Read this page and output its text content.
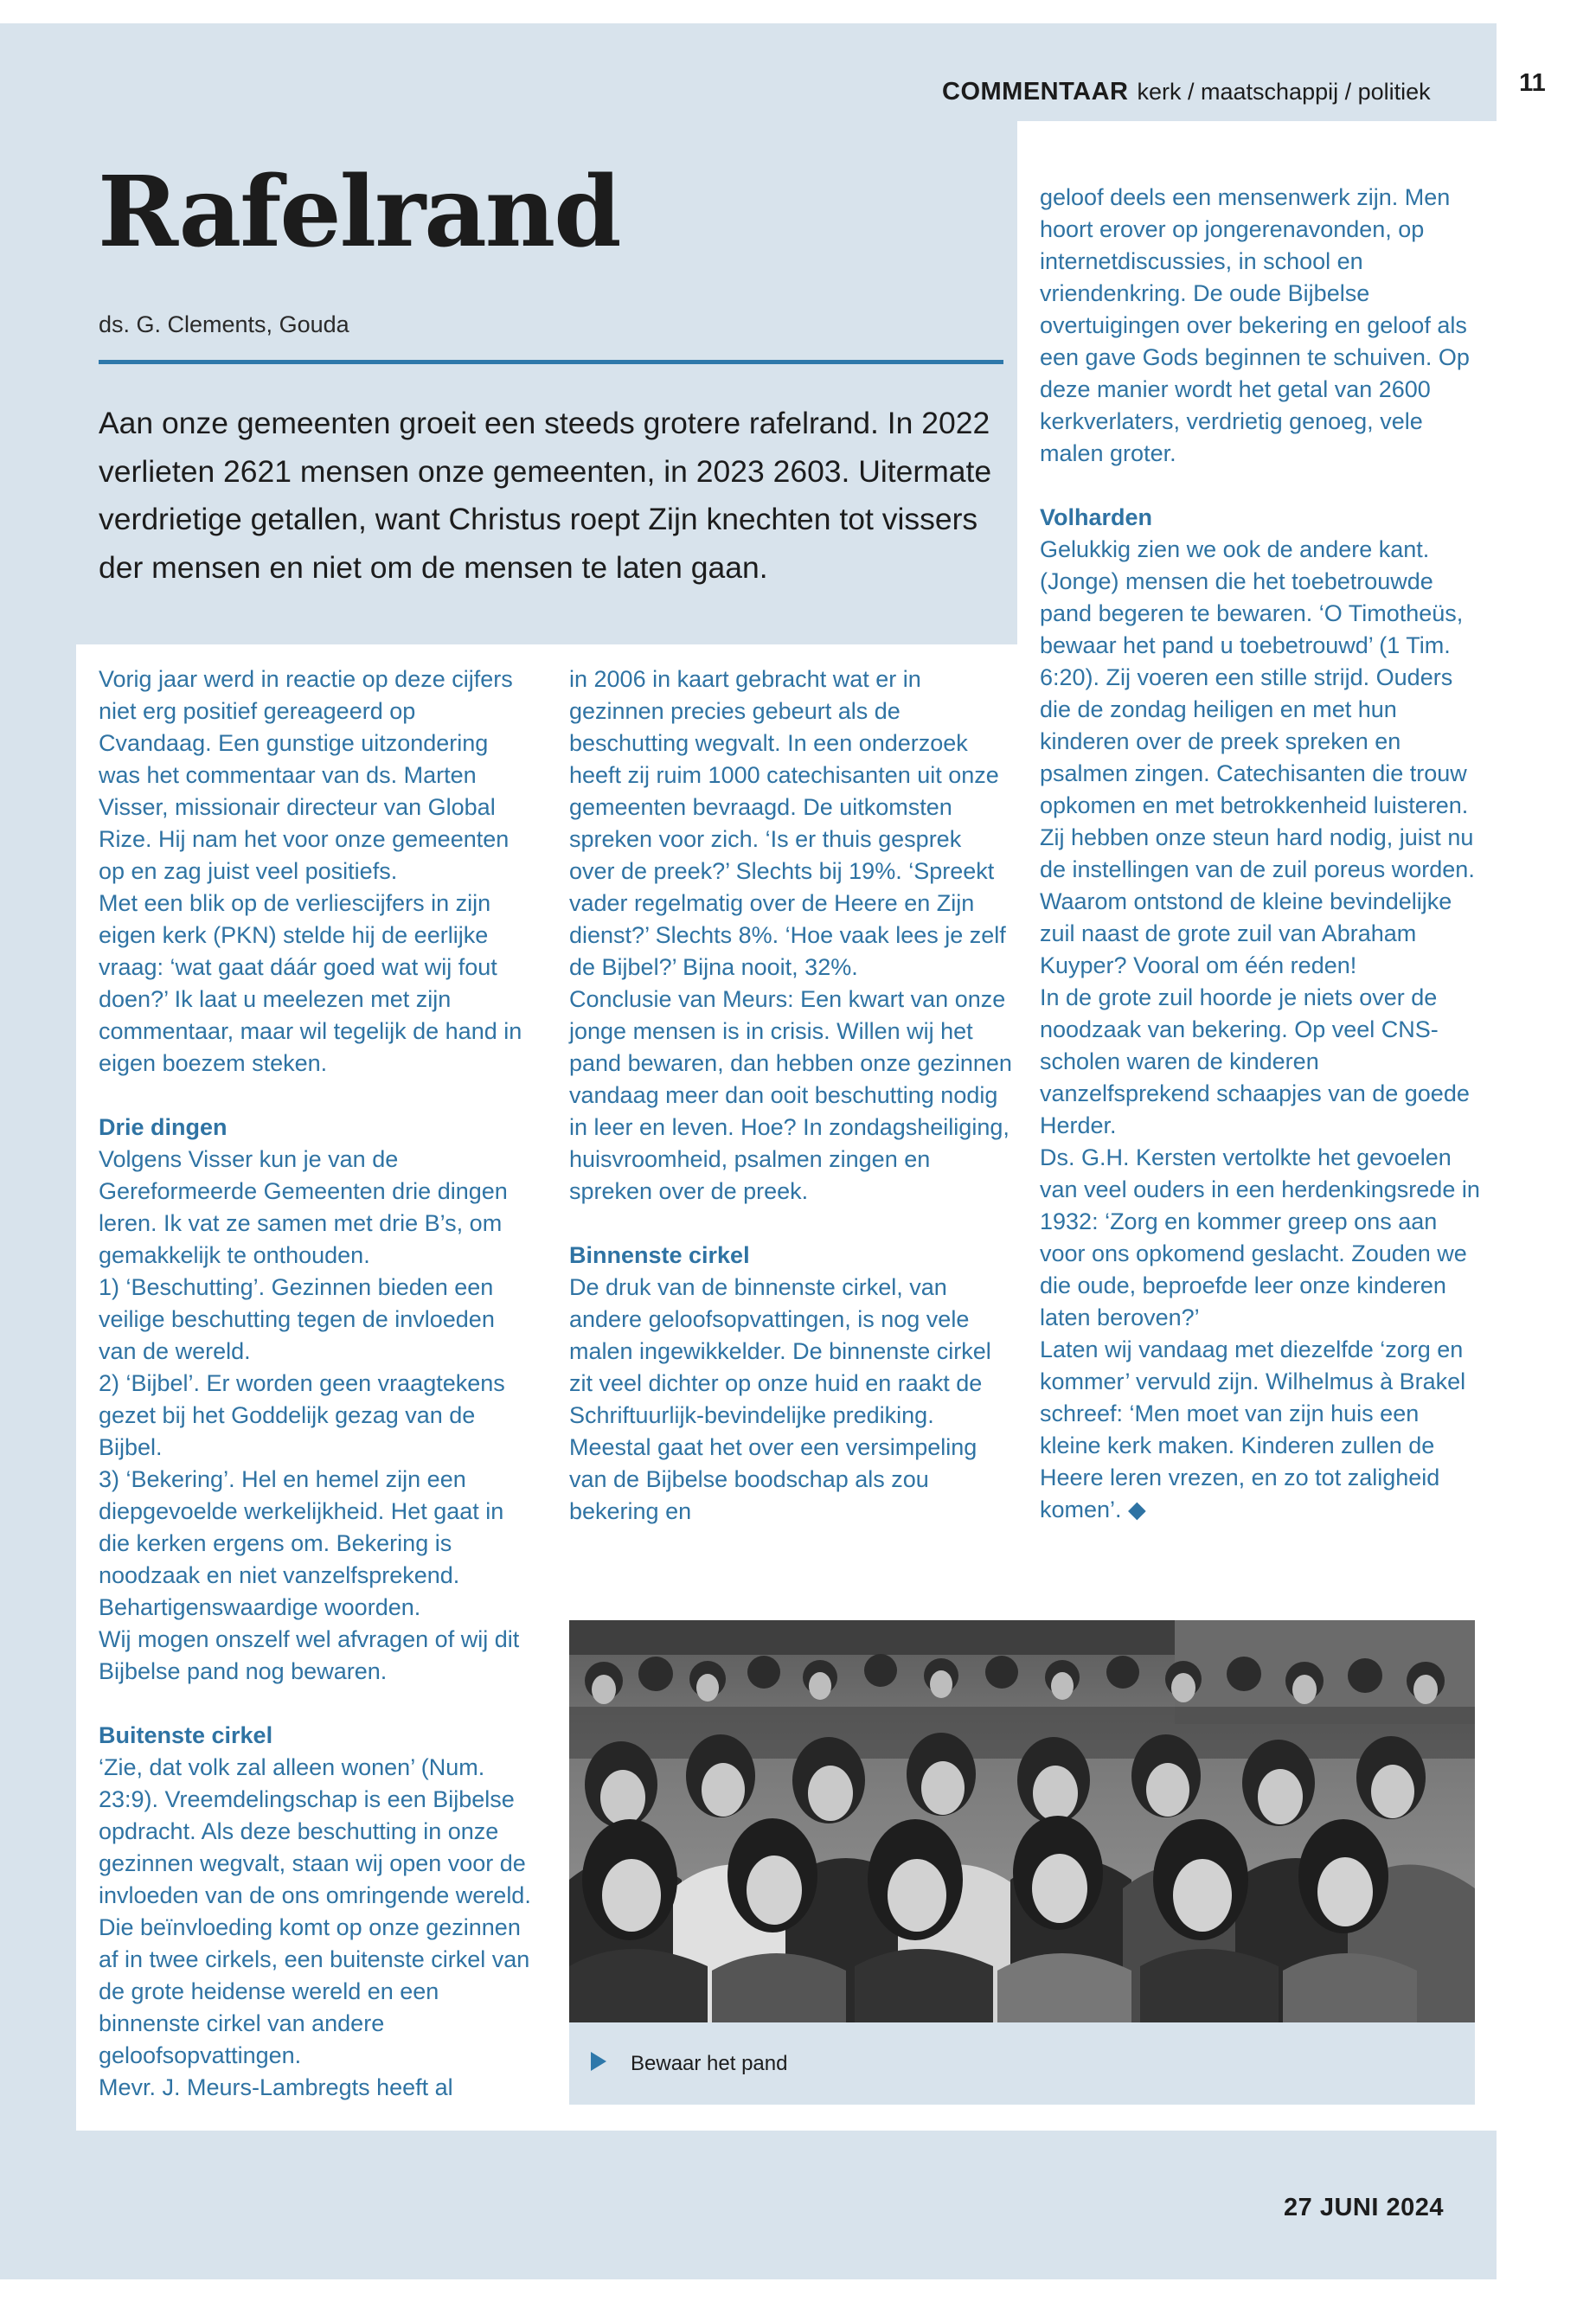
11
COMMENTAAR kerk / maatschappij / politiek
Rafelrand
ds. G. Clements, Gouda
Aan onze gemeenten groeit een steeds grotere rafelrand. In 2022 verlieten 2621 mensen onze gemeenten, in 2023 2603. Uitermate verdrietige getallen, want Christus roept Zijn knechten tot vissers der mensen en niet om de mensen te laten gaan.

Vorig jaar werd in reactie op deze cijfers niet erg positief gereageerd op Cvandaag. Een gunstige uitzondering was het commentaar van ds. Marten Visser, missionair directeur van Global Rize. Hij nam het voor onze gemeenten op en zag juist veel positiefs.

Met een blik op de verliescijfers in zijn eigen kerk (PKN) stelde hij de eerlijke vraag: ‘wat gaat dáár goed wat wij fout doen?’ Ik laat u meelezen met zijn commentaar, maar wil tegelijk de hand in eigen boezem steken.

Drie dingen

Volgens Visser kun je van de Gereformeerde Gemeenten drie dingen leren. Ik vat ze samen met drie B’s, om gemakkelijk te onthouden.

1) ‘Beschutting’. Gezinnen bieden een veilige beschutting tegen de invloeden van de wereld.

2) ‘Bijbel’. Er worden geen vraagtekens gezet bij het Goddelijk gezag van de Bijbel.

3) ‘Bekering’. Hel en hemel zijn een diepgevoelde werkelijkheid. Het gaat in die kerken ergens om. Bekering is noodzaak en niet vanzelfsprekend. Behartigenswaardige woorden.

Wij mogen onszelf wel afvragen of wij dit Bijbelse pand nog bewaren.

Buitenste cirkel

‘Zie, dat volk zal alleen wonen’ (Num. 23:9). Vreemdelingschap is een Bijbelse opdracht. Als deze beschutting in onze gezinnen wegvalt, staan wij open voor de invloeden van de ons omringende wereld. Die beïnvloeding komt op onze gezinnen af in twee cirkels, een buitenste cirkel van de grote heidense wereld en een binnenste cirkel van andere geloofsopvattingen.

Mevr. J. Meurs-Lambregts heeft al

in 2006 in kaart gebracht wat er in gezinnen precies gebeurt als de beschutting wegvalt. In een onderzoek heeft zij ruim 1000 catechisanten uit onze gemeenten bevraagd. De uitkomsten spreken voor zich. ‘Is er thuis gesprek over de preek?’ Slechts bij 19%. ‘Spreekt vader regelmatig over de Heere en Zijn dienst?’ Slechts 8%. ‘Hoe vaak lees je zelf de Bijbel?’ Bijna nooit, 32%.

Conclusie van Meurs: Een kwart van onze jonge mensen is in crisis. Willen wij het pand bewaren, dan hebben onze gezinnen vandaag meer dan ooit beschutting nodig in leer en leven. Hoe? In zondagsheiliging, huisvroomheid, psalmen zingen en spreken over de preek.

Binnenste cirkel

De druk van de binnenste cirkel, van andere geloofsopvattingen, is nog vele malen ingewikkelder. De binnenste cirkel zit veel dichter op onze huid en raakt de Schriftuurlijk-bevindelijke prediking. Meestal gaat het over een versimpeling van de Bijbelse boodschap als zou bekering en

geloof deels een mensenwerk zijn. Men hoort erover op jongerenavonden, op internetdiscussies, in school en vriendenkring. De oude Bijbelse overtuigingen over bekering en geloof als een gave Gods beginnen te schuiven. Op deze manier wordt het getal van 2600 kerkverlaters, verdrietig genoeg, vele malen groter.

Volharden

Gelukkig zien we ook de andere kant. (Jonge) mensen die het toebetrouwde pand begeren te bewaren. ‘O Timotheüs, bewaar het pand u toebetrouwd’ (1 Tim. 6:20). Zij voeren een stille strijd. Ouders die de zondag heiligen en met hun kinderen over de preek spreken en psalmen zingen. Catechisanten die trouw opkomen en met betrokkenheid luisteren.

Zij hebben onze steun hard nodig, juist nu de instellingen van de zuil poreus worden.

Waarom ontstond de kleine bevindelijke zuil naast de grote zuil van Abraham Kuyper? Vooral om één reden!

In de grote zuil hoorde je niets over de noodzaak van bekering. Op veel CNS-scholen waren de kinderen vanzelfsprekend schaapjes van de goede Herder.

Ds. G.H. Kersten vertolkte het gevoelen van veel ouders in een herdenkingsrede in 1932: ‘Zorg en kommer greep ons aan voor ons opkomend geslacht. Zouden we die oude, beproefde leer onze kinderen laten beroven?’

Laten wij vandaag met diezelfde ‘zorg en kommer’ vervuld zijn. Wilhelmus à Brakel schreef: ‘Men moet van zijn huis een kleine kerk maken. Kinderen zullen de Heere leren vrezen, en zo tot zaligheid komen’. ◆

Bewaar het pand
27 JUNI 2024
